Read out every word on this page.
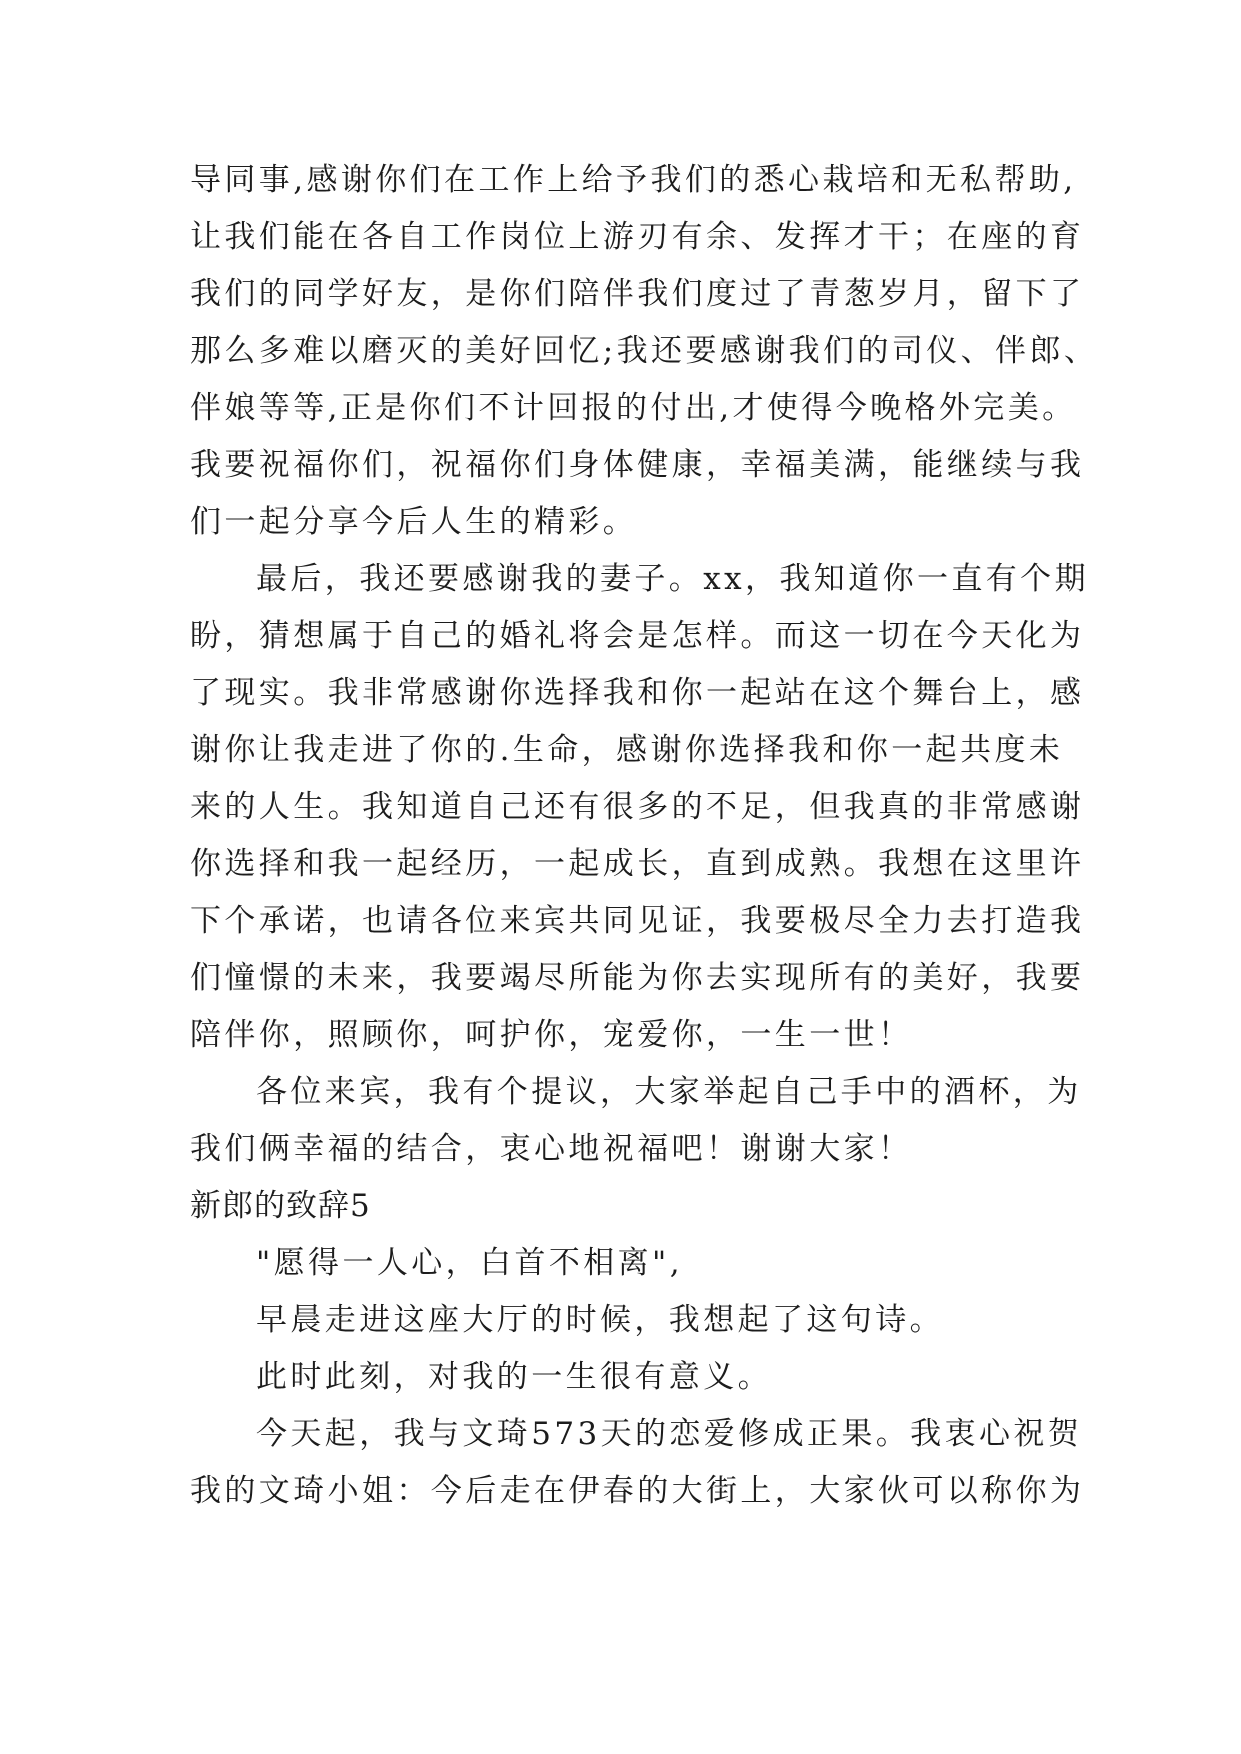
导同事,感谢你们在工作上给予我们的悉心栽培和无私帮助,
让我们能在各自工作岗位上游刃有余、发挥才干；在座的育
我们的同学好友，是你们陪伴我们度过了青葱岁月，留下了
那么多难以磨灭的美好回忆;我还要感谢我们的司仪、伴郎、
伴娘等等,正是你们不计回报的付出,才使得今晚格外完美。
我要祝福你们，祝福你们身体健康，幸福美满，能继续与我
们一起分享今后人生的精彩。
最后，我还要感谢我的妻子。xx，我知道你一直有个期
盼，猜想属于自己的婚礼将会是怎样。而这一切在今天化为
了现实。我非常感谢你选择我和你一起站在这个舞台上，感
谢你让我走进了你的.生命，感谢你选择我和你一起共度未
来的人生。我知道自己还有很多的不足，但我真的非常感谢
你选择和我一起经历，一起成长，直到成熟。我想在这里许
下个承诺，也请各位来宾共同见证，我要极尽全力去打造我
们憧憬的未来，我要竭尽所能为你去实现所有的美好，我要
陪伴你，照顾你，呵护你，宠爱你，一生一世！
各位来宾，我有个提议，大家举起自己手中的酒杯，为
我们俩幸福的结合，衷心地祝福吧！谢谢大家！
新郎的致辞5
"愿得一人心，白首不相离",
早晨走进这座大厅的时候，我想起了这句诗。
此时此刻，对我的一生很有意义。
今天起，我与文琦573天的恋爱修成正果。我衷心祝贺
我的文琦小姐：今后走在伊春的大街上，大家伙可以称你为
